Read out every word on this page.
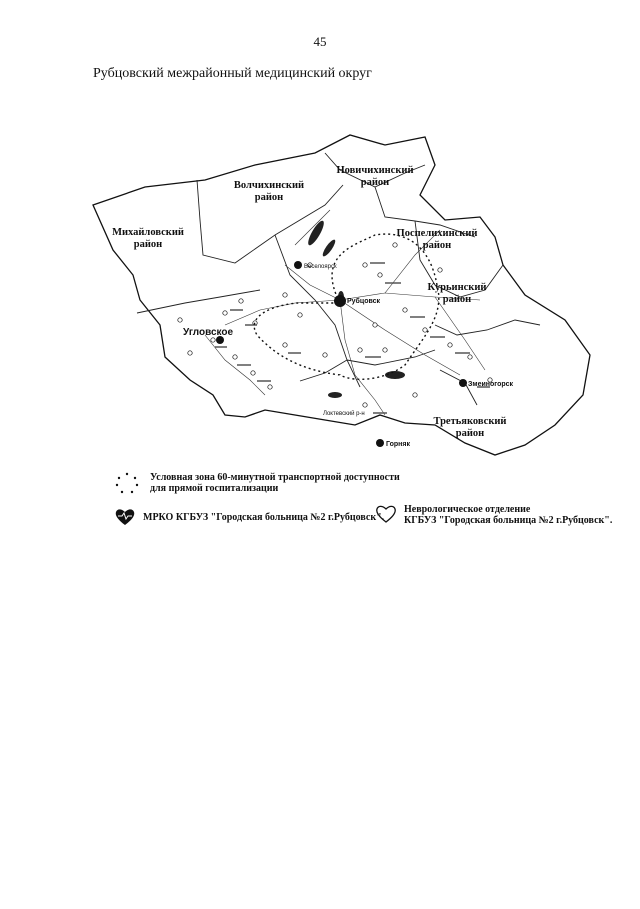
45
Рубцовский межрайонный медицинский округ
Михайловский
район
Волчихинский
район
Новичихинский
район
Поспелихинский
район
Курьинский
район
Третьяковский
район
Угловское
Рубцовск
Змеиногорск
Горняк
Веселоярск
Локтевский р-н
Условная зона 60-минутной транспортной доступности
для прямой госпитализации
МРКО КГБУЗ "Городская больница №2 г.Рубцовск".
Неврологическое отделение
КГБУЗ "Городская больница №2 г.Рубцовск".
